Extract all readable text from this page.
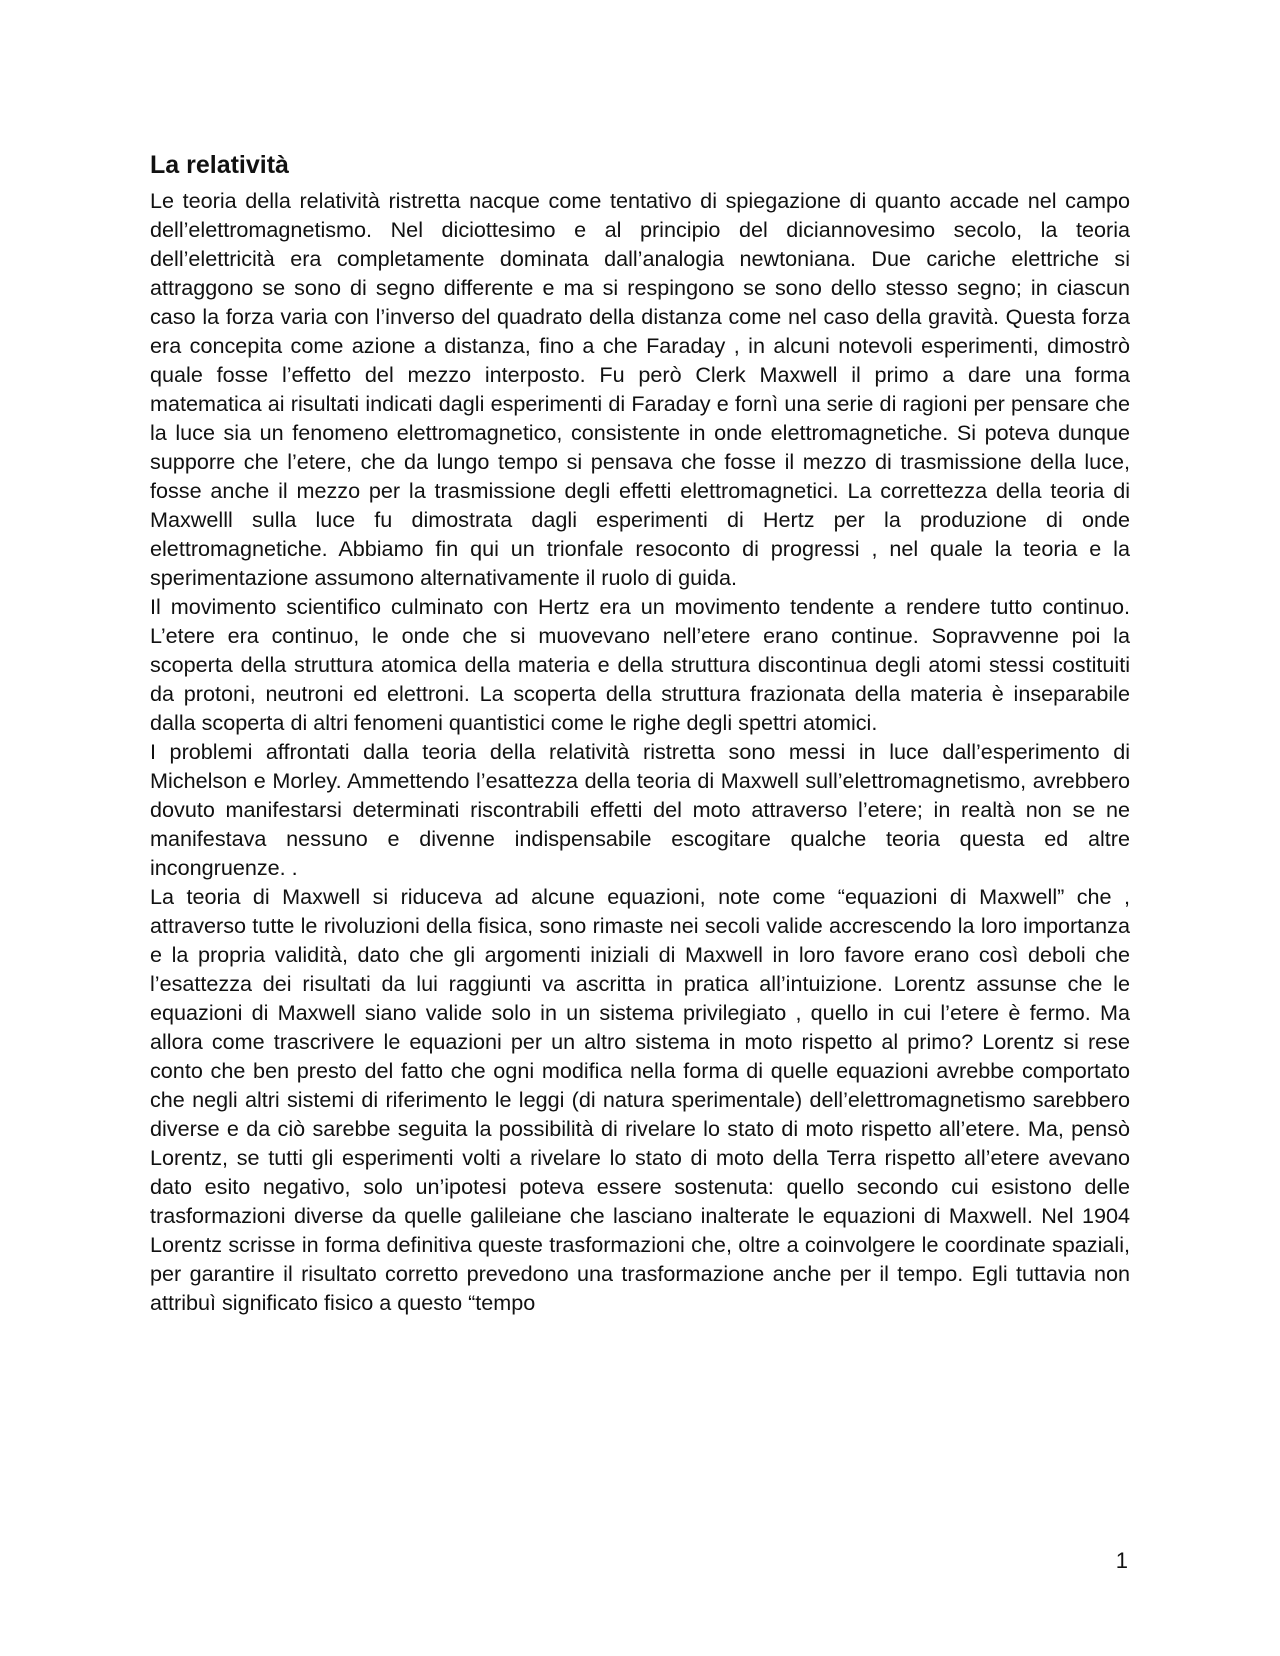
La relatività

Le teoria della relatività ristretta nacque come tentativo di spiegazione di quanto accade nel campo dell’elettromagnetismo. Nel diciottesimo e al principio del diciannovesimo secolo, la teoria dell’elettricità era completamente dominata dall’analogia newtoniana. Due cariche elettriche si attraggono se sono di segno differente e ma si respingono se sono dello stesso segno; in ciascun caso la forza varia con l’inverso del quadrato della distanza come nel caso della gravità. Questa forza era concepita come azione a distanza, fino a che Faraday , in alcuni notevoli esperimenti, dimostrò quale fosse l’effetto del mezzo interposto. Fu però Clerk Maxwell il primo a dare una forma matematica ai risultati indicati dagli esperimenti di Faraday e fornì una serie di ragioni per pensare che la luce sia un fenomeno elettromagnetico, consistente in onde elettromagnetiche. Si poteva dunque supporre che l’etere, che da lungo tempo si pensava che fosse il mezzo di trasmissione della luce, fosse anche il mezzo per la trasmissione degli effetti elettromagnetici. La correttezza della teoria di Maxwelll sulla luce fu dimostrata dagli esperimenti di Hertz per la produzione di onde elettromagnetiche. Abbiamo fin qui un trionfale resoconto di progressi , nel quale la teoria e la sperimentazione assumono alternativamente il ruolo di guida.

Il movimento scientifico culminato con Hertz era un movimento tendente a rendere tutto continuo. L’etere era continuo, le onde che si muovevano nell’etere erano continue. Sopravvenne poi la scoperta della struttura atomica della materia e della struttura discontinua degli atomi stessi costituiti da protoni, neutroni ed elettroni. La scoperta della struttura frazionata della materia è inseparabile dalla scoperta di altri fenomeni quantistici come le righe degli spettri atomici.

I problemi affrontati dalla teoria della relatività ristretta sono messi in luce dall’esperimento di Michelson e Morley. Ammettendo l’esattezza della teoria di Maxwell sull’elettromagnetismo, avrebbero dovuto manifestarsi determinati riscontrabili effetti del moto attraverso l’etere; in realtà non se ne manifestava nessuno e divenne indispensabile escogitare qualche teoria questa ed altre incongruenze. .

La teoria di Maxwell si riduceva ad alcune equazioni, note come “equazioni di Maxwell” che , attraverso tutte le rivoluzioni della fisica, sono rimaste nei secoli valide accrescendo la loro importanza e la propria validità, dato che gli argomenti iniziali di Maxwell in loro favore erano così deboli che l’esattezza dei risultati da lui raggiunti va ascritta in pratica all’intuizione. Lorentz assunse che le equazioni di Maxwell siano valide solo in un sistema privilegiato , quello in cui l’etere è fermo. Ma allora come trascrivere le equazioni per un altro sistema in moto rispetto al primo? Lorentz si rese conto che ben presto del fatto che ogni modifica nella forma di quelle equazioni avrebbe comportato che negli altri sistemi di riferimento le leggi (di natura sperimentale) dell’elettromagnetismo sarebbero diverse e da ciò sarebbe seguita la possibilità di rivelare lo stato di moto rispetto all’etere. Ma, pensò Lorentz, se tutti gli esperimenti volti a rivelare lo stato di moto della Terra rispetto all’etere avevano dato esito negativo, solo un’ipotesi poteva essere sostenuta: quello secondo cui esistono delle trasformazioni diverse da quelle galileiane che lasciano inalterate le equazioni di Maxwell. Nel 1904 Lorentz scrisse in forma definitiva queste trasformazioni che, oltre a coinvolgere le coordinate spaziali, per garantire il risultato corretto prevedono una trasformazione anche per il tempo. Egli tuttavia non attribuì significato fisico a questo “tempo

1
